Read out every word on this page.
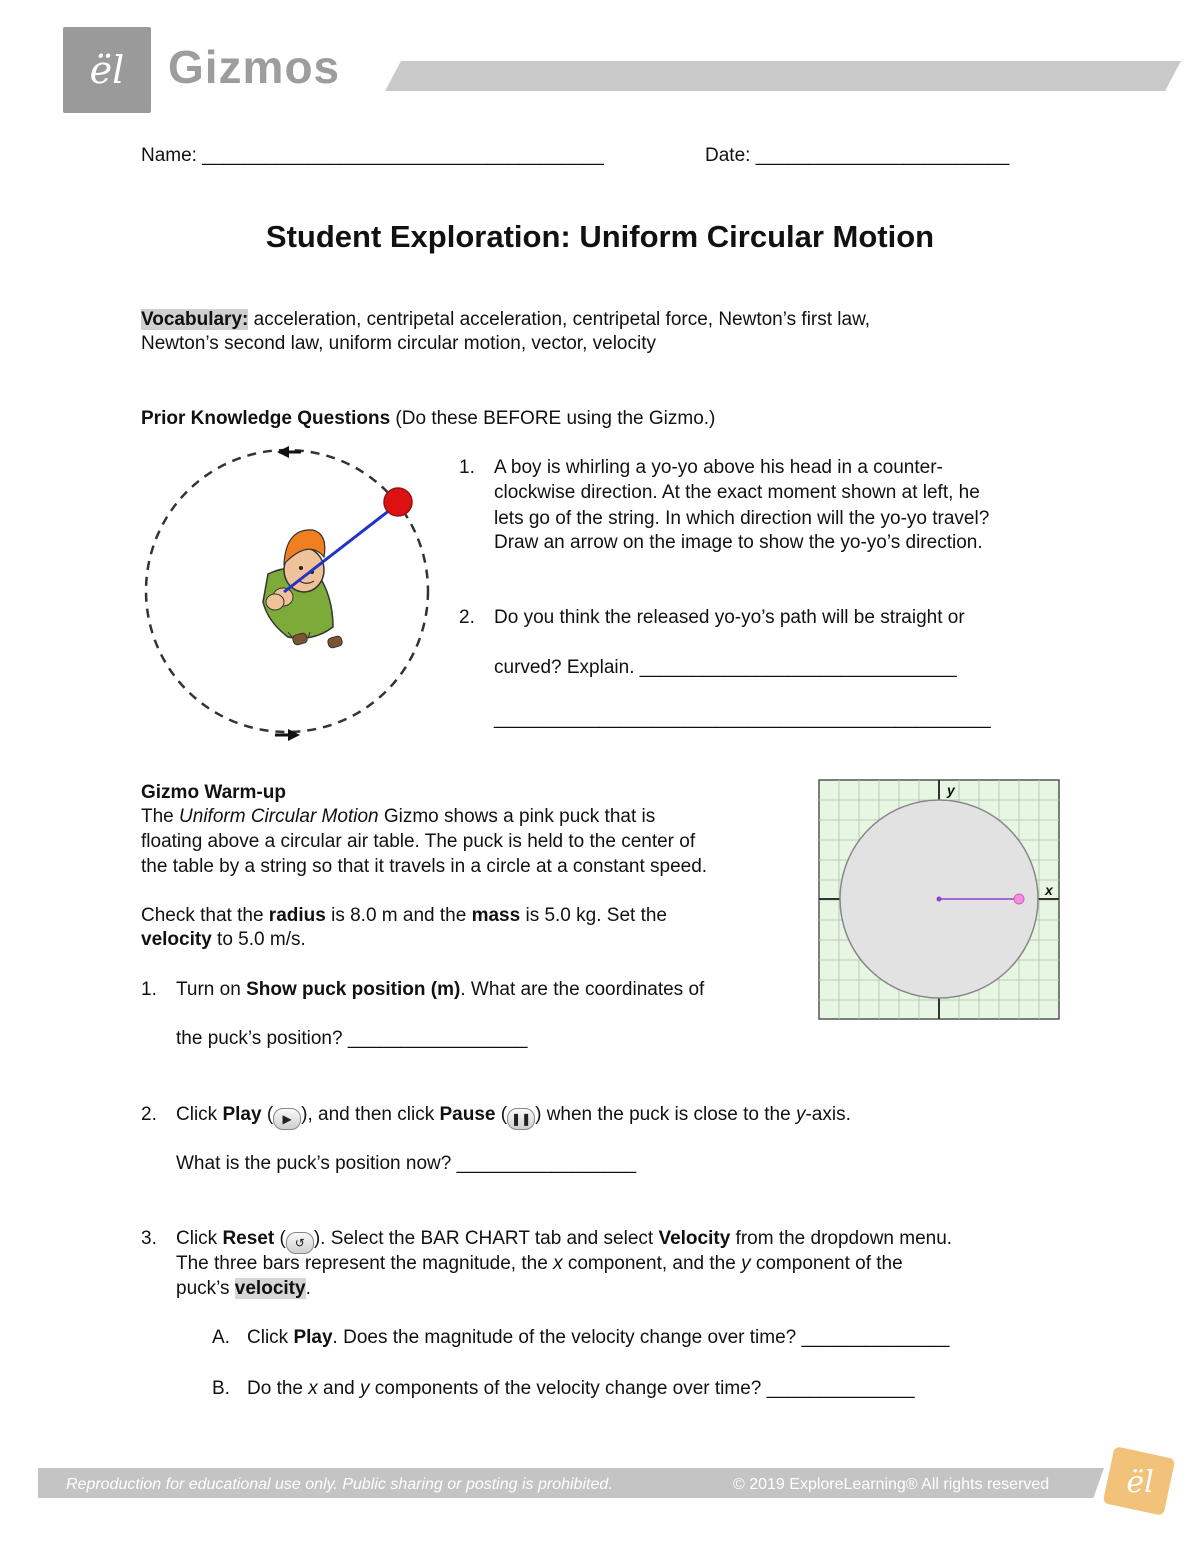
ël Gizmos
Name: ______________________________________	Date: ________________________
Student Exploration: Uniform Circular Motion
Vocabulary: acceleration, centripetal acceleration, centripetal force, Newton’s first law,
Newton’s second law, uniform circular motion, vector, velocity
Prior Knowledge Questions (Do these BEFORE using the Gizmo.)
1. A boy is whirling a yo-yo above his head in a counter-
clockwise direction. At the exact moment shown at left, he
lets go of the string. In which direction will the yo-yo travel?
Draw an arrow on the image to show the yo-yo’s direction.
2. Do you think the released yo-yo’s path will be straight or
curved? Explain. ______________________________
_______________________________________________
Gizmo Warm-up
The Uniform Circular Motion Gizmo shows a pink puck that is
floating above a circular air table. The puck is held to the center of
the table by a string so that it travels in a circle at a constant speed.
Check that the radius is 8.0 m and the mass is 5.0 kg. Set the
velocity to 5.0 m/s.
1. Turn on Show puck position (m). What are the coordinates of
the puck’s position? _________________
y
x
2. Click Play ( ▶ ), and then click Pause ( ❚❚ ) when the puck is close to the y-axis.
What is the puck’s position now? _________________
3. Click Reset ( ↺ ). Select the BAR CHART tab and select Velocity from the dropdown menu.
The three bars represent the magnitude, the x component, and the y component of the
puck’s velocity.
A. Click Play. Does the magnitude of the velocity change over time? ______________
B. Do the x and y components of the velocity change over time? ______________
Reproduction for educational use only. Public sharing or posting is prohibited.	© 2019 ExploreLearning® All rights reserved	ël
